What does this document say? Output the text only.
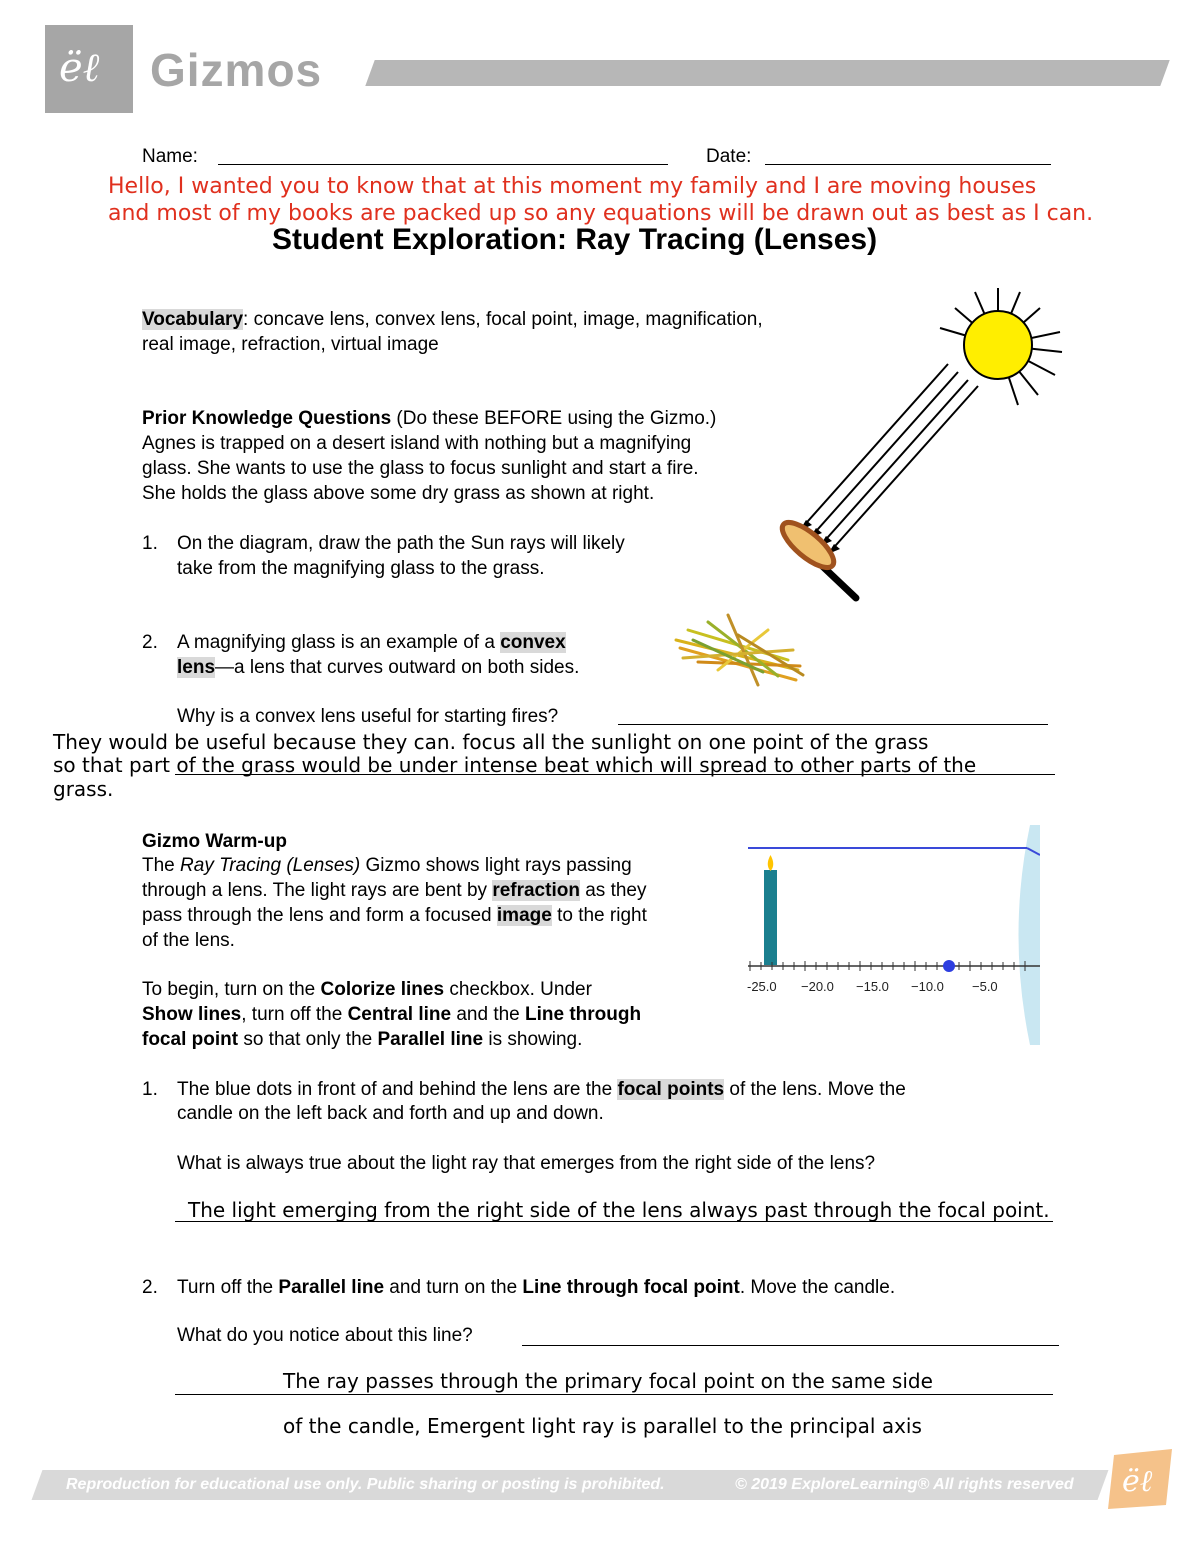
ëℓ Gizmos
Name:	Date:
Hello, I wanted you to know that at this moment my family and I are moving houses
and most of my books are packed up so any equations will be drawn out as best as I can.
Student Exploration: Ray Tracing (Lenses)
Vocabulary: concave lens, convex lens, focal point, image, magnification,
real image, refraction, virtual image
Prior Knowledge Questions (Do these BEFORE using the Gizmo.)
Agnes is trapped on a desert island with nothing but a magnifying
glass. She wants to use the glass to focus sunlight and start a fire.
She holds the glass above some dry grass as shown at right.
1. On the diagram, draw the path the Sun rays will likely
take from the magnifying glass to the grass.
2. A magnifying glass is an example of a convex
lens—a lens that curves outward on both sides.
Why is a convex lens useful for starting fires?
They would be useful because they can. focus all the sunlight on one point of the grass
so that part of the grass would be under intense beat which will spread to other parts of the
grass.
Gizmo Warm-up
The Ray Tracing (Lenses) Gizmo shows light rays passing
through a lens. The light rays are bent by refraction as they
pass through the lens and form a focused image to the right
of the lens.
-25.0 −20.0 −15.0 −10.0 −5.0
To begin, turn on the Colorize lines checkbox. Under
Show lines, turn off the Central line and the Line through
focal point so that only the Parallel line is showing.
1. The blue dots in front of and behind the lens are the focal points of the lens. Move the
candle on the left back and forth and up and down.
What is always true about the light ray that emerges from the right side of the lens?
The light emerging from the right side of the lens always past through the focal point.
2. Turn off the Parallel line and turn on the Line through focal point. Move the candle.
What do you notice about this line?
The ray passes through the primary focal point on the same side
of the candle, Emergent light ray is parallel to the principal axis
Reproduction for educational use only. Public sharing or posting is prohibited.	© 2019 ExploreLearning® All rights reserved ëℓ
